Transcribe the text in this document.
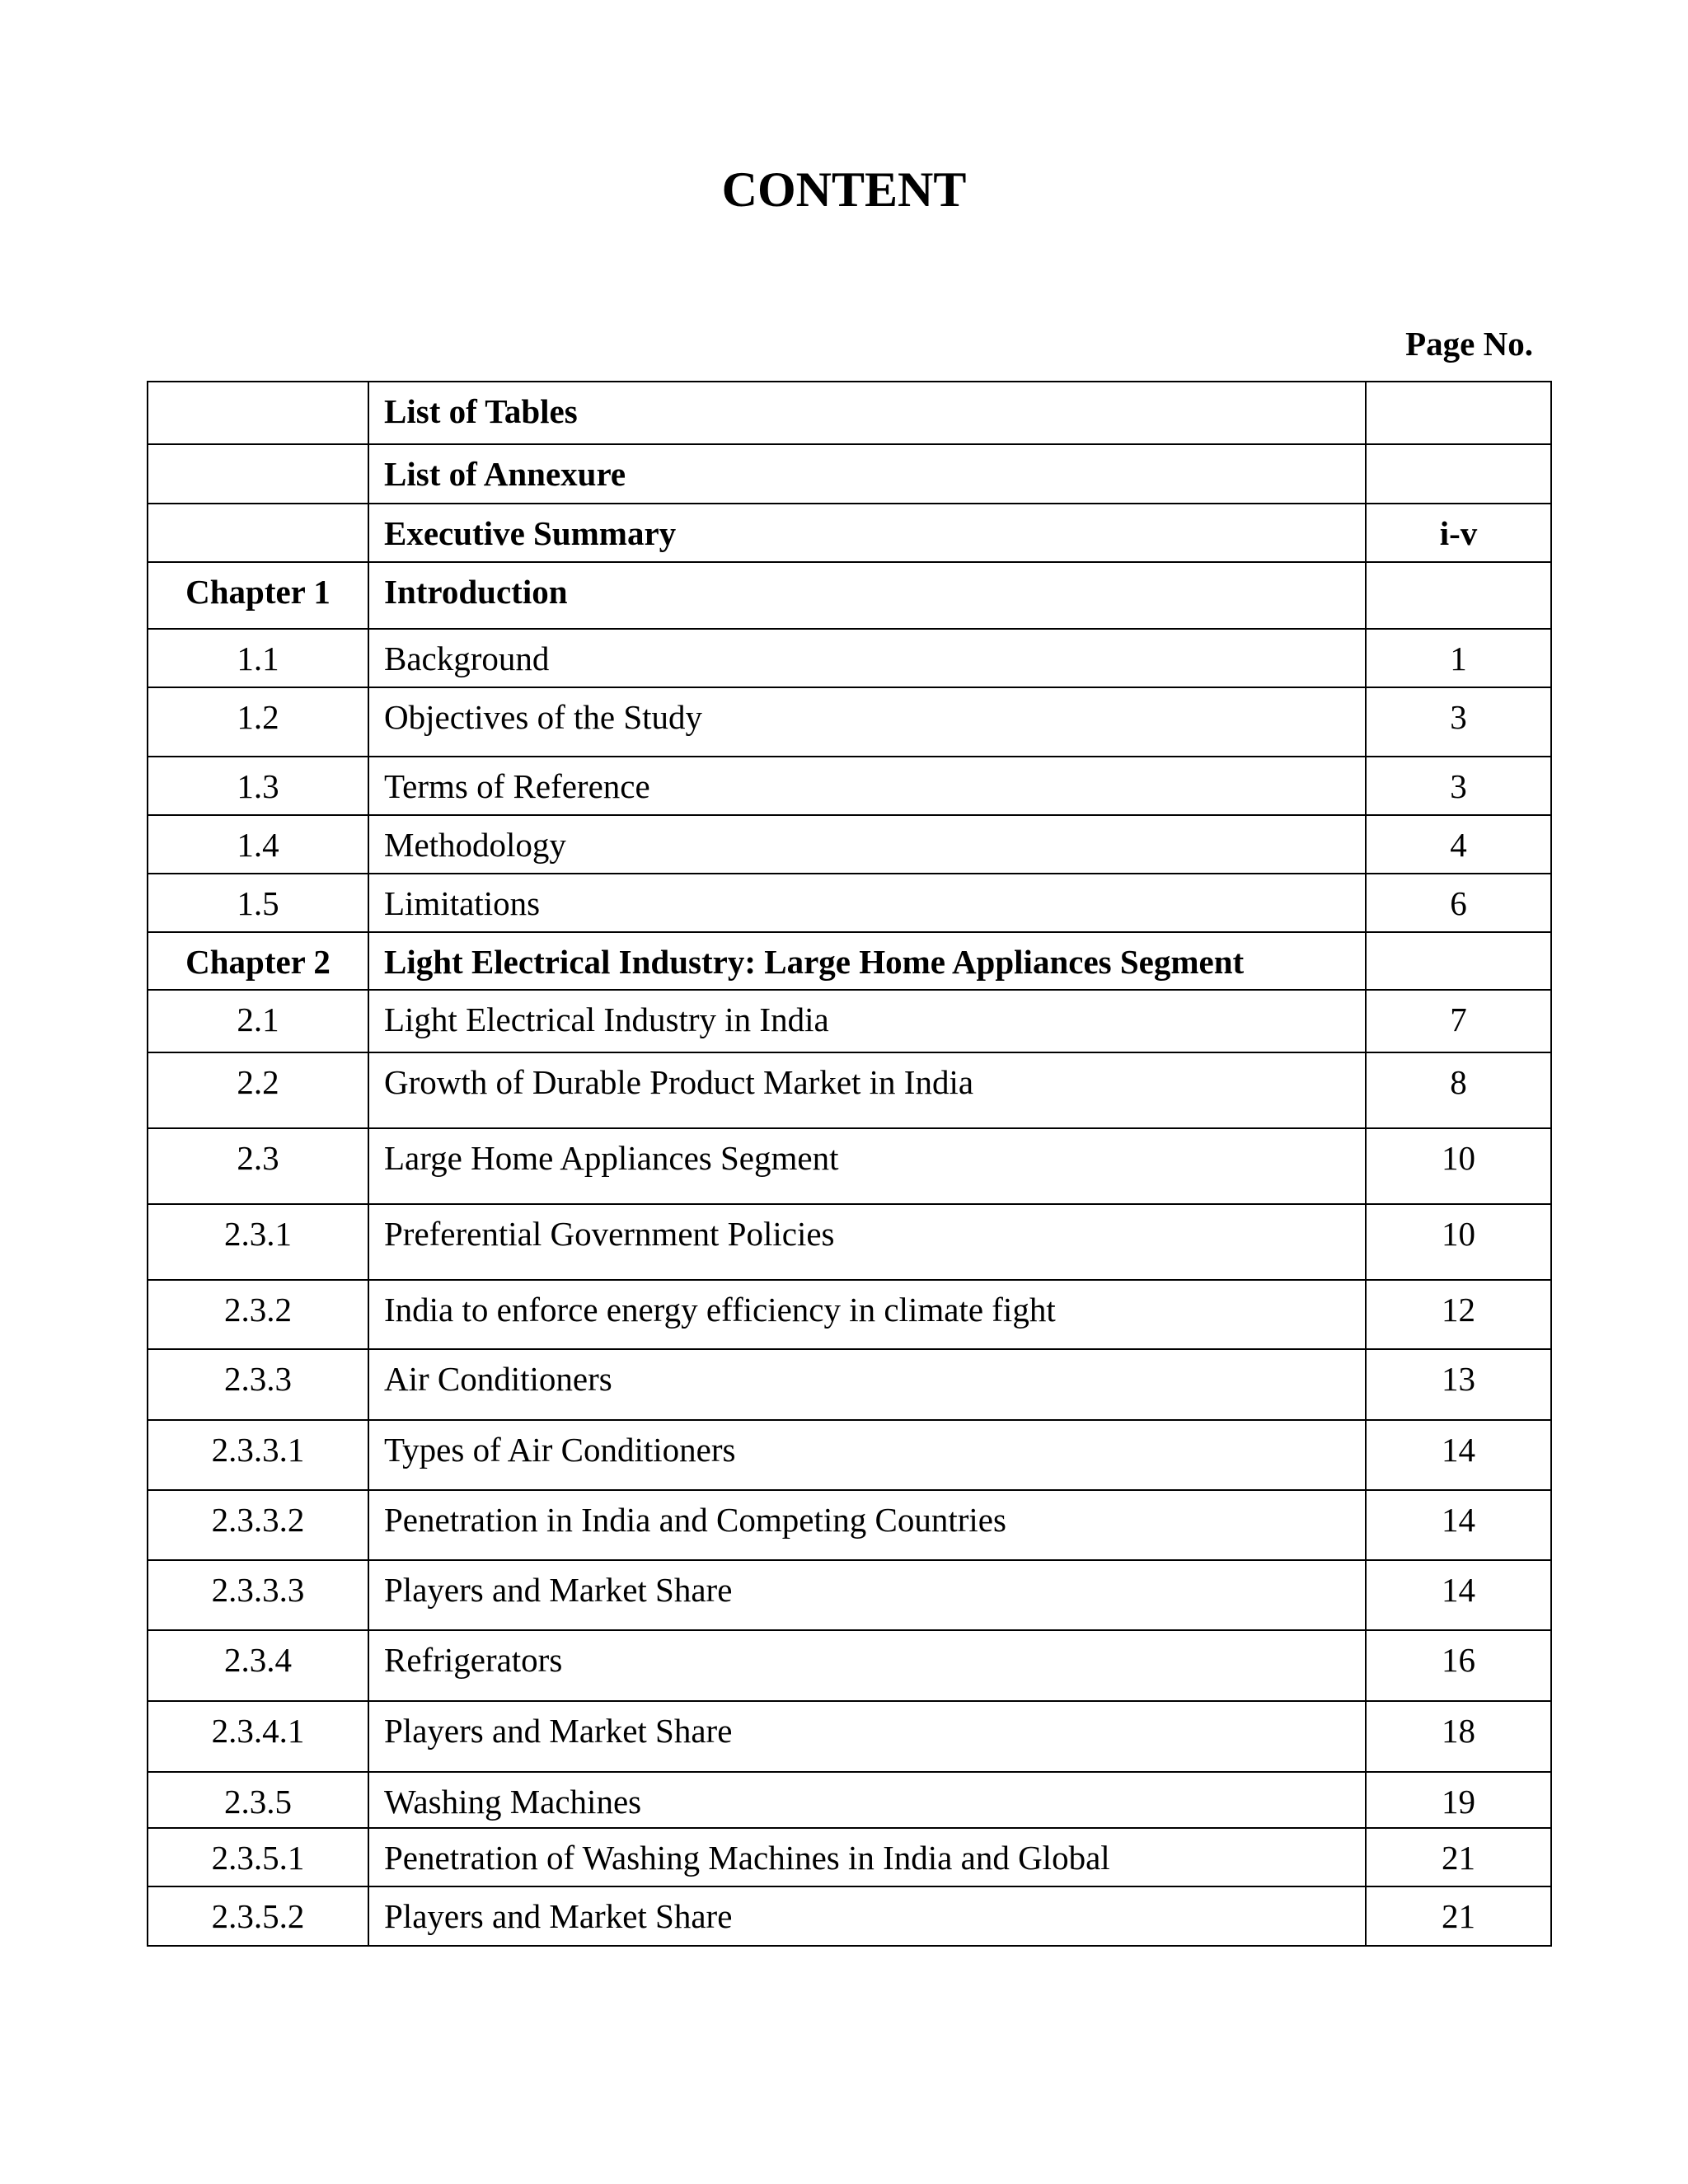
CONTENT
Page No.
	List of Tables	
	List of Annexure	
	Executive Summary	i-v
Chapter 1	Introduction	
1.1	Background	1
1.2	Objectives of the Study	3
1.3	Terms of Reference	3
1.4	Methodology	4
1.5	Limitations	6
Chapter 2	Light Electrical Industry: Large Home Appliances Segment	
2.1	Light Electrical Industry in India	7
2.2	Growth of Durable Product Market in India	8
2.3	Large Home Appliances Segment	10
2.3.1	Preferential Government Policies	10
2.3.2	India to enforce energy efficiency in climate fight	12
2.3.3	Air Conditioners	13
2.3.3.1	Types of Air Conditioners	14
2.3.3.2	Penetration in India and Competing Countries	14
2.3.3.3	Players and Market Share	14
2.3.4	Refrigerators	16
2.3.4.1	Players and Market Share	18
2.3.5	Washing Machines	19
2.3.5.1	Penetration of Washing Machines in India and Global	21
2.3.5.2	Players and Market Share	21
